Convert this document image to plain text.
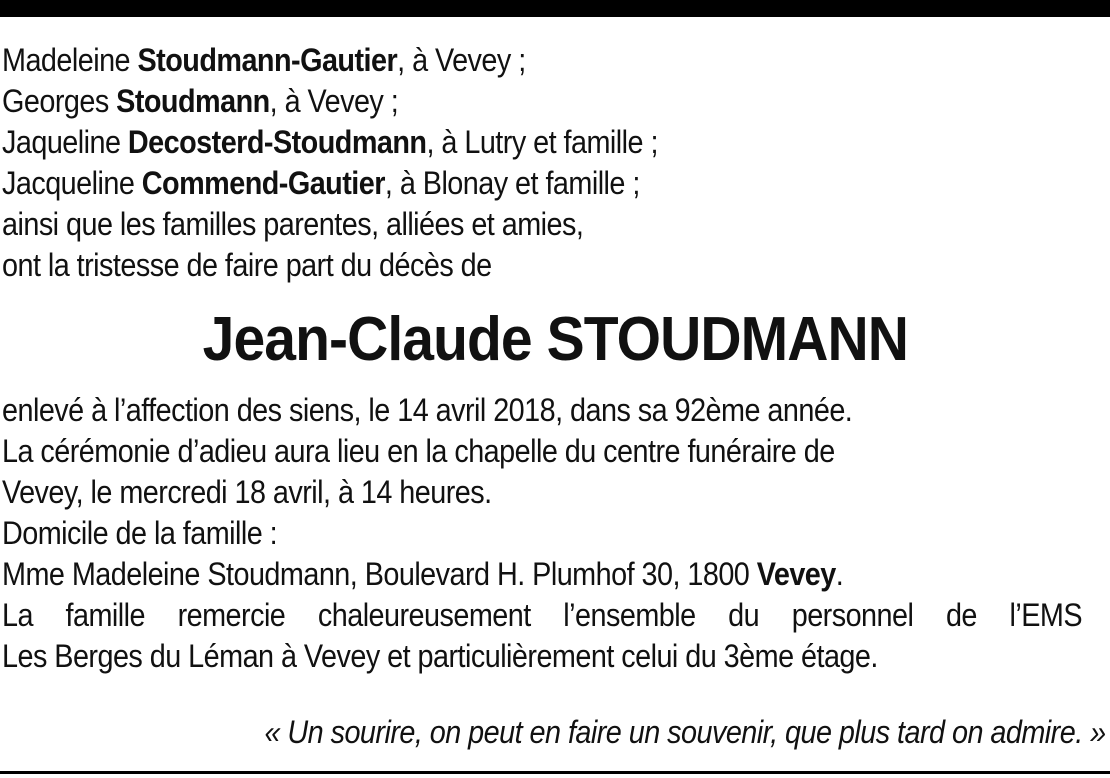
Madeleine Stoudmann-Gautier, à Vevey ;
Georges Stoudmann, à Vevey ;
Jaqueline Decosterd-Stoudmann, à Lutry et famille ;
Jacqueline Commend-Gautier, à Blonay et famille ;
ainsi que les familles parentes, alliées et amies,
ont la tristesse de faire part du décès de
Jean-Claude STOUDMANN
enlevé à l’affection des siens, le 14 avril 2018, dans sa 92ème année.
La cérémonie d’adieu aura lieu en la chapelle du centre funéraire de
Vevey, le mercredi 18 avril, à 14 heures.
Domicile de la famille :
Mme Madeleine Stoudmann, Boulevard H. Plumhof 30, 1800 Vevey.
La famille remercie chaleureusement l’ensemble du personnel de l’EMS
Les Berges du Léman à Vevey et particulièrement celui du 3ème étage.
« Un sourire, on peut en faire un souvenir, que plus tard on admire. »
